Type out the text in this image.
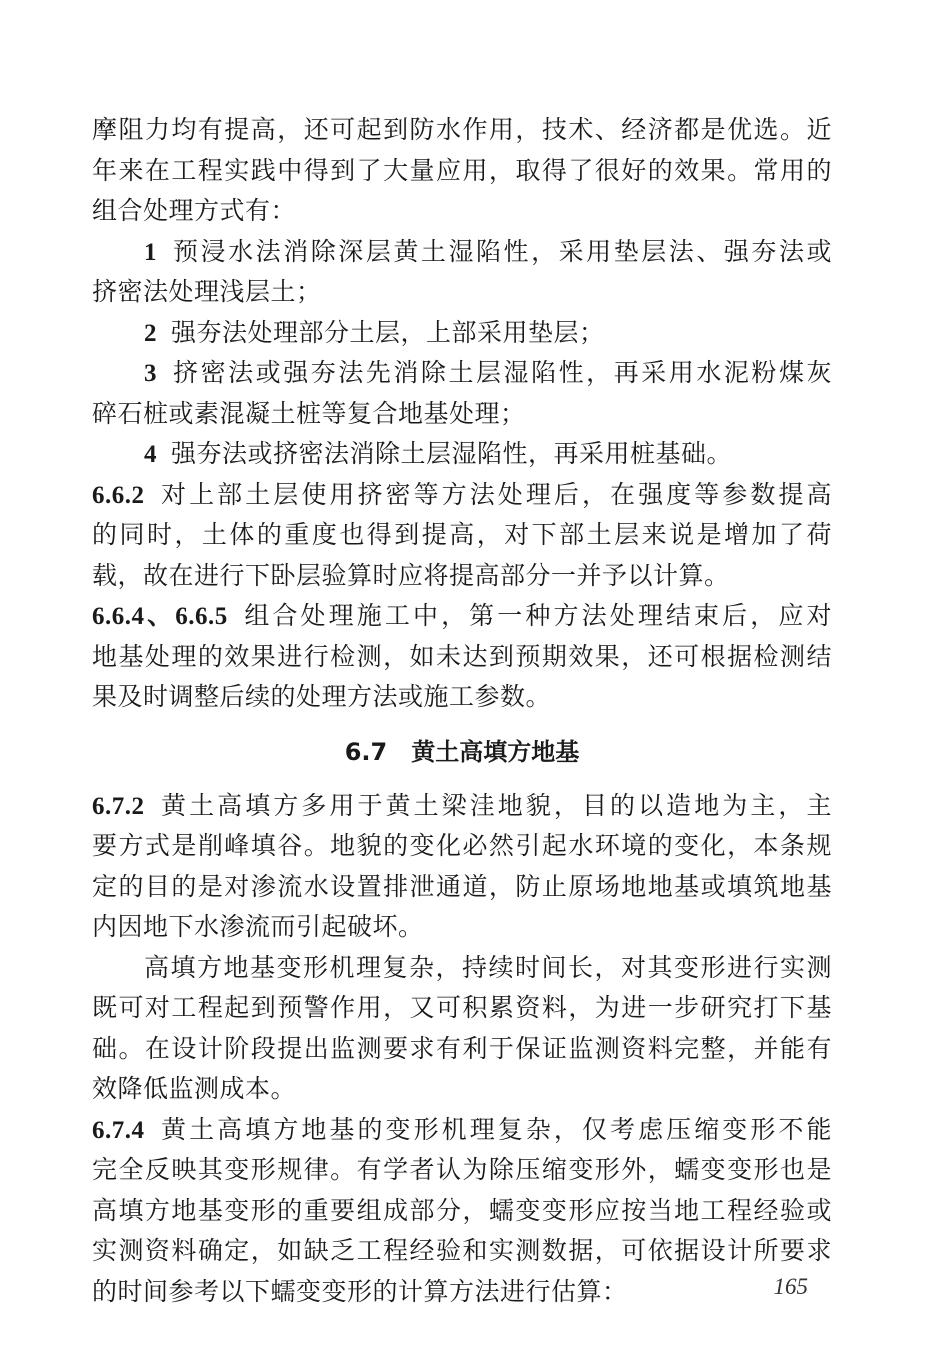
摩阻力均有提高，还可起到防水作用，技术、经济都是优选。近
年来在工程实践中得到了大量应用，取得了很好的效果。常用的
组合处理方式有：
1 预浸水法消除深层黄土湿陷性，采用垫层法、强夯法或
挤密法处理浅层土；
2 强夯法处理部分土层，上部采用垫层；
3 挤密法或强夯法先消除土层湿陷性，再采用水泥粉煤灰
碎石桩或素混凝土桩等复合地基处理；
4 强夯法或挤密法消除土层湿陷性，再采用桩基础。
6.6.2 对上部土层使用挤密等方法处理后，在强度等参数提高
的同时，土体的重度也得到提高，对下部土层来说是增加了荷
载，故在进行下卧层验算时应将提高部分一并予以计算。
6.6.4、6.6.5 组合处理施工中，第一种方法处理结束后，应对
地基处理的效果进行检测，如未达到预期效果，还可根据检测结
果及时调整后续的处理方法或施工参数。
6.7 黄土高填方地基
6.7.2 黄土高填方多用于黄土梁洼地貌，目的以造地为主，主
要方式是削峰填谷。地貌的变化必然引起水环境的变化，本条规
定的目的是对渗流水设置排泄通道，防止原场地地基或填筑地基
内因地下水渗流而引起破坏。
高填方地基变形机理复杂，持续时间长，对其变形进行实测
既可对工程起到预警作用，又可积累资料，为进一步研究打下基
础。在设计阶段提出监测要求有利于保证监测资料完整，并能有
效降低监测成本。
6.7.4 黄土高填方地基的变形机理复杂，仅考虑压缩变形不能
完全反映其变形规律。有学者认为除压缩变形外，蠕变变形也是
高填方地基变形的重要组成部分，蠕变变形应按当地工程经验或
实测资料确定，如缺乏工程经验和实测数据，可依据设计所要求
的时间参考以下蠕变变形的计算方法进行估算：	165
